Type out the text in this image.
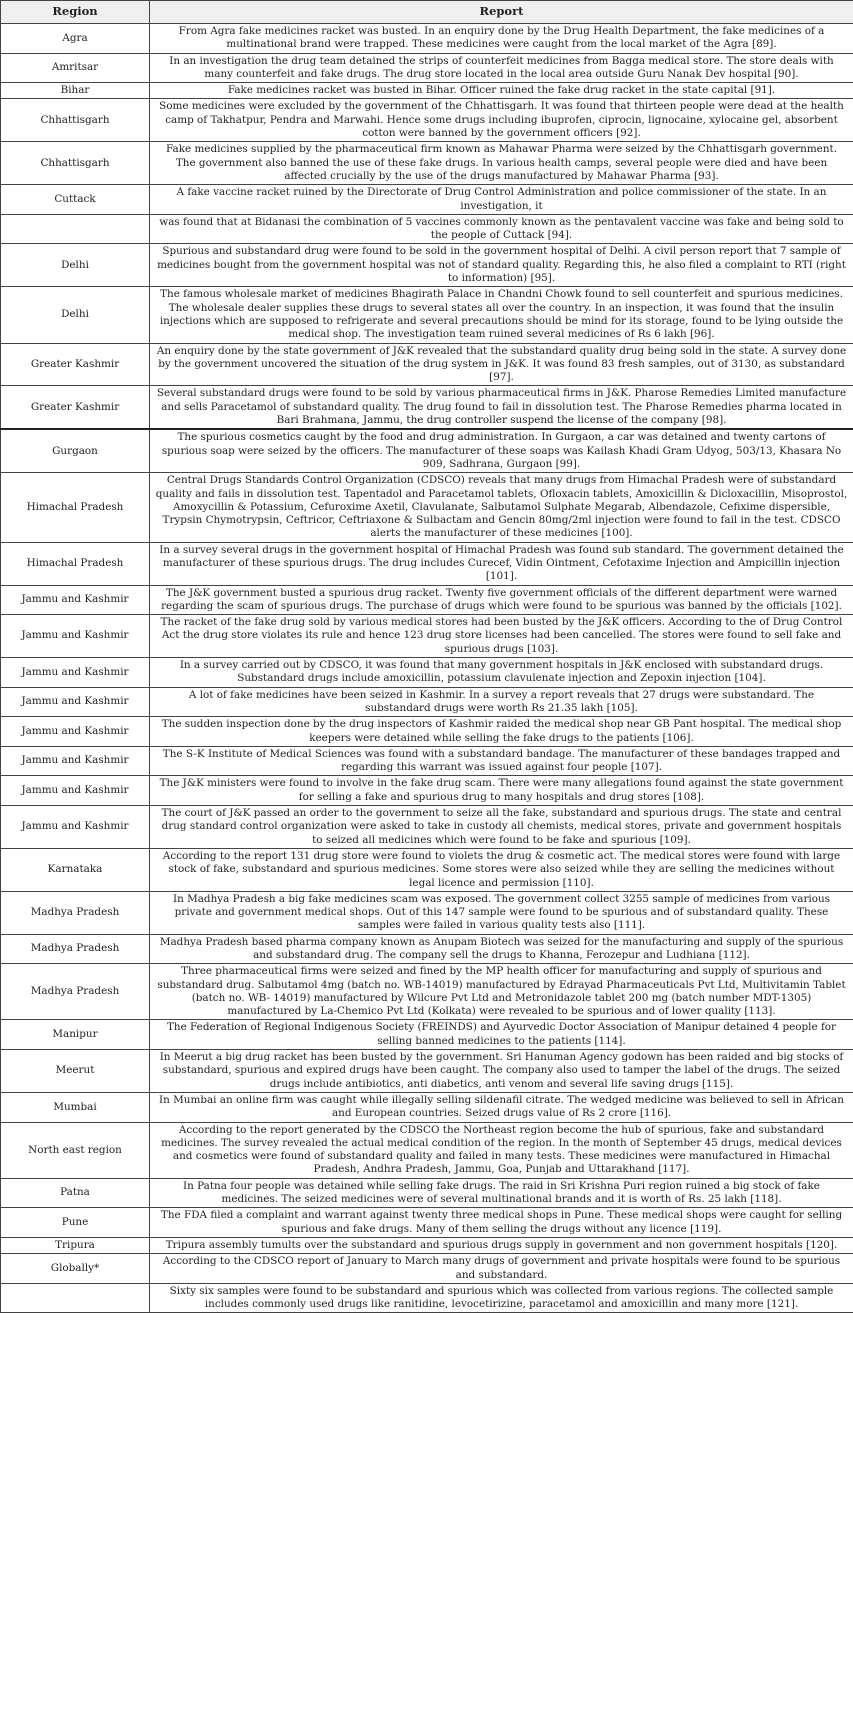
Region	Report
Agra	From Agra fake medicines racket was busted. In an enquiry done by the Drug Health Department, the fake medicines of a multinational brand were trapped. These medicines were caught from the local market of the Agra [89].
Amritsar	In an investigation the drug team detained the strips of counterfeit medicines from Bagga medical store. The store deals with many counterfeit and fake drugs. The drug store located in the local area outside Guru Nanak Dev hospital [90].
Bihar	Fake medicines racket was busted in Bihar. Officer ruined the fake drug racket in the state capital [91].
Chhattisgarh	Some medicines were excluded by the government of the Chhattisgarh. It was found that thirteen people were dead at the health camp of Takhatpur, Pendra and Marwahi. Hence some drugs including ibuprofen, ciprocin, lignocaine, xylocaine gel, absorbent cotton were banned by the government officers [92].
Chhattisgarh	Fake medicines supplied by the pharmaceutical firm known as Mahawar Pharma were seized by the Chhattisgarh government. The government also banned the use of these fake drugs. In various health camps, several people were died and have been affected crucially by the use of the drugs manufactured by Mahawar Pharma [93].
Cuttack	A fake vaccine racket ruined by the Directorate of Drug Control Administration and police commissioner of the state. In an investigation, it
	was found that at Bidanasi the combination of 5 vaccines commonly known as the pentavalent vaccine was fake and being sold to the people of Cuttack [94].
Delhi	Spurious and substandard drug were found to be sold in the government hospital of Delhi. A civil person report that 7 sample of medicines bought from the government hospital was not of standard quality. Regarding this, he also filed a complaint to RTI (right to information) [95].
Delhi	The famous wholesale market of medicines Bhagirath Palace in Chandni Chowk found to sell counterfeit and spurious medicines. The wholesale dealer supplies these drugs to several states all over the country. In an inspection, it was found that the insulin injections which are supposed to refrigerate and several precautions should be mind for its storage, found to be lying outside the medical shop. The investigation team ruined several medicines of Rs 6 lakh [96].
Greater Kashmir	An enquiry done by the state government of J&K revealed that the substandard quality drug being sold in the state. A survey done by the government uncovered the situation of the drug system in J&K. It was found 83 fresh samples, out of 3130, as substandard [97].
Greater Kashmir	Several substandard drugs were found to be sold by various pharmaceutical firms in J&K. Pharose Remedies Limited manufacture and sells Paracetamol of substandard quality. The drug found to fail in dissolution test. The Pharose Remedies pharma located in Bari Brahmana, Jammu, the drug controller suspend the license of the company [98].
Gurgaon	The spurious cosmetics caught by the food and drug administration. In Gurgaon, a car was detained and twenty cartons of spurious soap were seized by the officers. The manufacturer of these soaps was Kailash Khadi Gram Udyog, 503/13, Khasara No 909, Sadhrana, Gurgaon [99].
Himachal Pradesh	Central Drugs Standards Control Organization (CDSCO) reveals that many drugs from Himachal Pradesh were of substandard quality and fails in dissolution test. Tapentadol and Paracetamol tablets, Ofloxacin tablets, Amoxicillin & Dicloxacillin, Misoprostol, Amoxycillin & Potassium, Cefuroxime Axetil, Clavulanate, Salbutamol Sulphate Megarab, Albendazole, Cefixime dispersible, Trypsin Chymotrypsin, Ceftricor, Ceftriaxone & Sulbactam and Gencin 80mg/2ml injection were found to fail in the test. CDSCO alerts the manufacturer of these medicines [100].
Himachal Pradesh	In a survey several drugs in the government hospital of Himachal Pradesh was found sub standard. The government detained the manufacturer of these spurious drugs. The drug includes Curecef, Vidin Ointment, Cefotaxime Injection and Ampicillin injection [101].
Jammu and Kashmir	The J&K government busted a spurious drug racket. Twenty five government officials of the different department were warned regarding the scam of spurious drugs. The purchase of drugs which were found to be spurious was banned by the officials [102].
Jammu and Kashmir	The racket of the fake drug sold by various medical stores had been busted by the J&K officers. According to the of Drug Control Act the drug store violates its rule and hence 123 drug store licenses had been cancelled. The stores were found to sell fake and spurious drugs [103].
Jammu and Kashmir	In a survey carried out by CDSCO, it was found that many government hospitals in J&K enclosed with substandard drugs. Substandard drugs include amoxicillin, potassium clavulenate injection and Zepoxin injection [104].
Jammu and Kashmir	A lot of fake medicines have been seized in Kashmir. In a survey a report reveals that 27 drugs were substandard. The substandard drugs were worth Rs 21.35 lakh [105].
Jammu and Kashmir	The sudden inspection done by the drug inspectors of Kashmir raided the medical shop near GB Pant hospital. The medical shop keepers were detained while selling the fake drugs to the patients [106].
Jammu and Kashmir	The S-K Institute of Medical Sciences was found with a substandard bandage. The manufacturer of these bandages trapped and regarding this warrant was issued against four people [107].
Jammu and Kashmir	The J&K ministers were found to involve in the fake drug scam. There were many allegations found against the state government for selling a fake and spurious drug to many hospitals and drug stores [108].
Jammu and Kashmir	The court of J&K passed an order to the government to seize all the fake, substandard and spurious drugs. The state and central drug standard control organization were asked to take in custody all chemists, medical stores, private and government hospitals to seized all medicines which were found to be fake and spurious [109].
Karnataka	According to the report 131 drug store were found to violets the drug & cosmetic act. The medical stores were found with large stock of fake, substandard and spurious medicines. Some stores were also seized while they are selling the medicines without legal licence and permission [110].
Madhya Pradesh	In Madhya Pradesh a big fake medicines scam was exposed. The government collect 3255 sample of medicines from various private and government medical shops. Out of this 147 sample were found to be spurious and of substandard quality. These samples were failed in various quality tests also [111].
Madhya Pradesh	Madhya Pradesh based pharma company known as Anupam Biotech was seized for the manufacturing and supply of the spurious and substandard drug. The company sell the drugs to Khanna, Ferozepur and Ludhiana [112].
Madhya Pradesh	Three pharmaceutical firms were seized and fined by the MP health officer for manufacturing and supply of spurious and substandard drug. Salbutamol 4mg (batch no. WB-14019) manufactured by Edrayad Pharmaceuticals Pvt Ltd, Multivitamin Tablet (batch no. WB- 14019) manufactured by Wilcure Pvt Ltd and Metronidazole tablet 200 mg (batch number MDT-1305) manufactured by La-Chemico Pvt Ltd (Kolkata) were revealed to be spurious and of lower quality [113].
Manipur	The Federation of Regional Indigenous Society (FREINDS) and Ayurvedic Doctor Association of Manipur detained 4 people for selling banned medicines to the patients [114].
Meerut	In Meerut a big drug racket has been busted by the government. Sri Hanuman Agency godown has been raided and big stocks of substandard, spurious and expired drugs have been caught. The company also used to tamper the label of the drugs. The seized drugs include antibiotics, anti diabetics, anti venom and several life saving drugs [115].
Mumbai	In Mumbai an online firm was caught while illegally selling sildenafil citrate. The wedged medicine was believed to sell in African and European countries. Seized drugs value of Rs 2 crore [116].
North east region	According to the report generated by the CDSCO the Northeast region become the hub of spurious, fake and substandard medicines. The survey revealed the actual medical condition of the region. In the month of September 45 drugs, medical devices and cosmetics were found of substandard quality and failed in many tests. These medicines were manufactured in Himachal Pradesh, Andhra Pradesh, Jammu, Goa, Punjab and Uttarakhand [117].
Patna	In Patna four people was detained while selling fake drugs. The raid in Sri Krishna Puri region ruined a big stock of fake medicines. The seized medicines were of several multinational brands and it is worth of Rs. 25 lakh [118].
Pune	The FDA filed a complaint and warrant against twenty three medical shops in Pune. These medical shops were caught for selling spurious and fake drugs. Many of them selling the drugs without any licence [119].
Tripura	Tripura assembly tumults over the substandard and spurious drugs supply in government and non government hospitals [120].
Globally*	According to the CDSCO report of January to March many drugs of government and private hospitals were found to be spurious and substandard.
	Sixty six samples were found to be substandard and spurious which was collected from various regions. The collected sample includes commonly used drugs like ranitidine, levocetirizine, paracetamol and amoxicillin and many more [121].
